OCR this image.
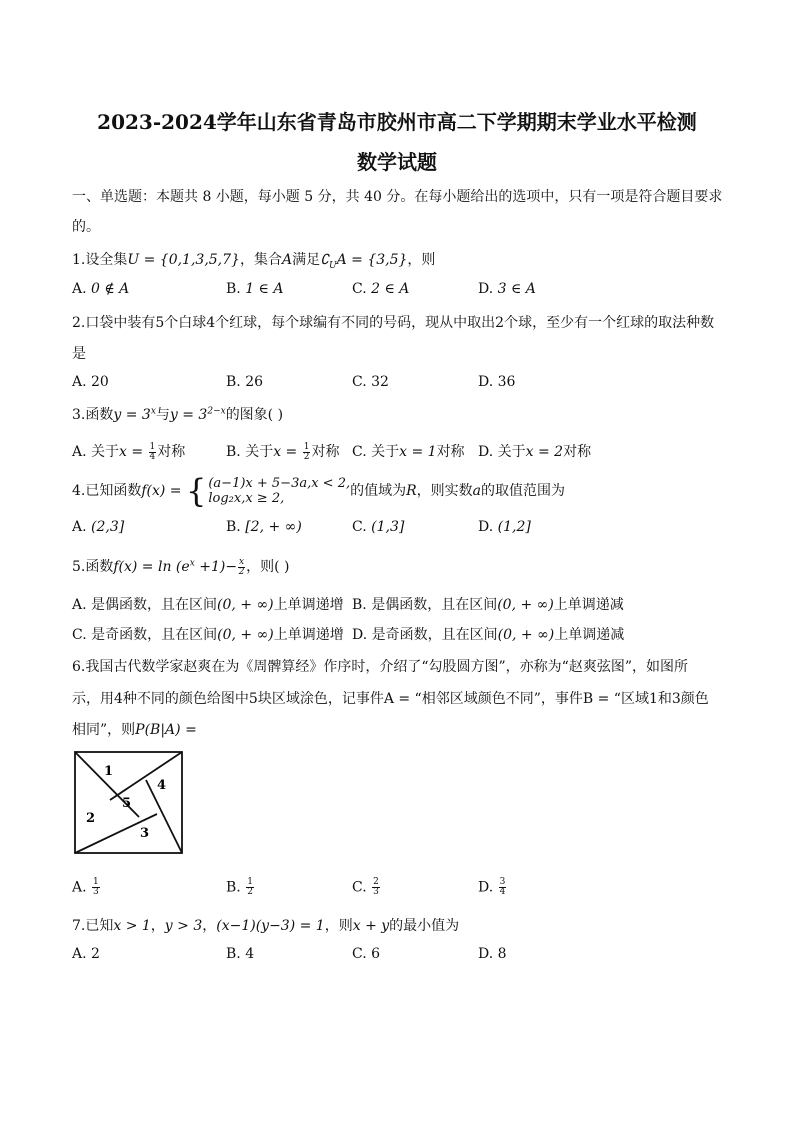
2023-2024学年山东省青岛市胶州市高二下学期期末学业水平检测
数学试题
一、单选题：本题共 8 小题，每小题 5 分，共 40 分。在每小题给出的选项中，只有一项是符合题目要求
的。
1.设全集U = {0,1,3,5,7}，集合A满足$∁_UA = \{3,5\}$，则
A. 0 ∉ A	B. 1 ∈ A	C. 2 ∈ A	D. 3 ∈ A
2.口袋中装有5个白球4个红球，每个球编有不同的号码，现从中取出2个球，至少有一个红球的取法种数
是
A. 20	B. 26	C. 32	D. 36
3.函数$y = 3^x$与$y = 3^{2-x}$的图象( )
A. 关于$x = \frac{1}{4}$ 对称	B. 关于$x = \frac{1}{2}$ 对称 C. 关于x = 1对称 D. 关于x = 2对称
4.已知函数f(x) = { (a−1)x + 5−3a,x < 2,
log₂x,x ≥ 2,	的值域为R，则实数a的取值范围为
A. (2,3]	B. [2, + ∞)	C. (1,3]	D. (1,2]
5.函数$f(x) = \ln (e^x +1)- \frac{x}{2}$ ，则( )
A. 是偶函数，且在区间(0, + ∞)上单调递增 B. 是偶函数，且在区间(0, + ∞)上单调递减
C. 是奇函数，且在区间(0, + ∞)上单调递增 D. 是奇函数，且在区间(0, + ∞)上单调递减
6.我国古代数学家赵爽在为《周髀算经》作序时，介绍了“勾股圆方图”，亦称为“赵爽弦图”，如图所
示，用4种不同的颜色给图中5块区域涂色，记事件A = “相邻区域颜色不同”，事件B = “区域1和3颜色
相同”，则P(B|A) =
1
2
3
4
5
A. $\frac{1}{3}$	B. $\frac{1}{2}$	C. $\frac{2}{3}$	D. $\frac{3}{4}$
7.已知x > 1，y > 3，(x−1)(y−3) = 1，则x + y的最小值为
A. 2	B. 4	C. 6	D. 8
